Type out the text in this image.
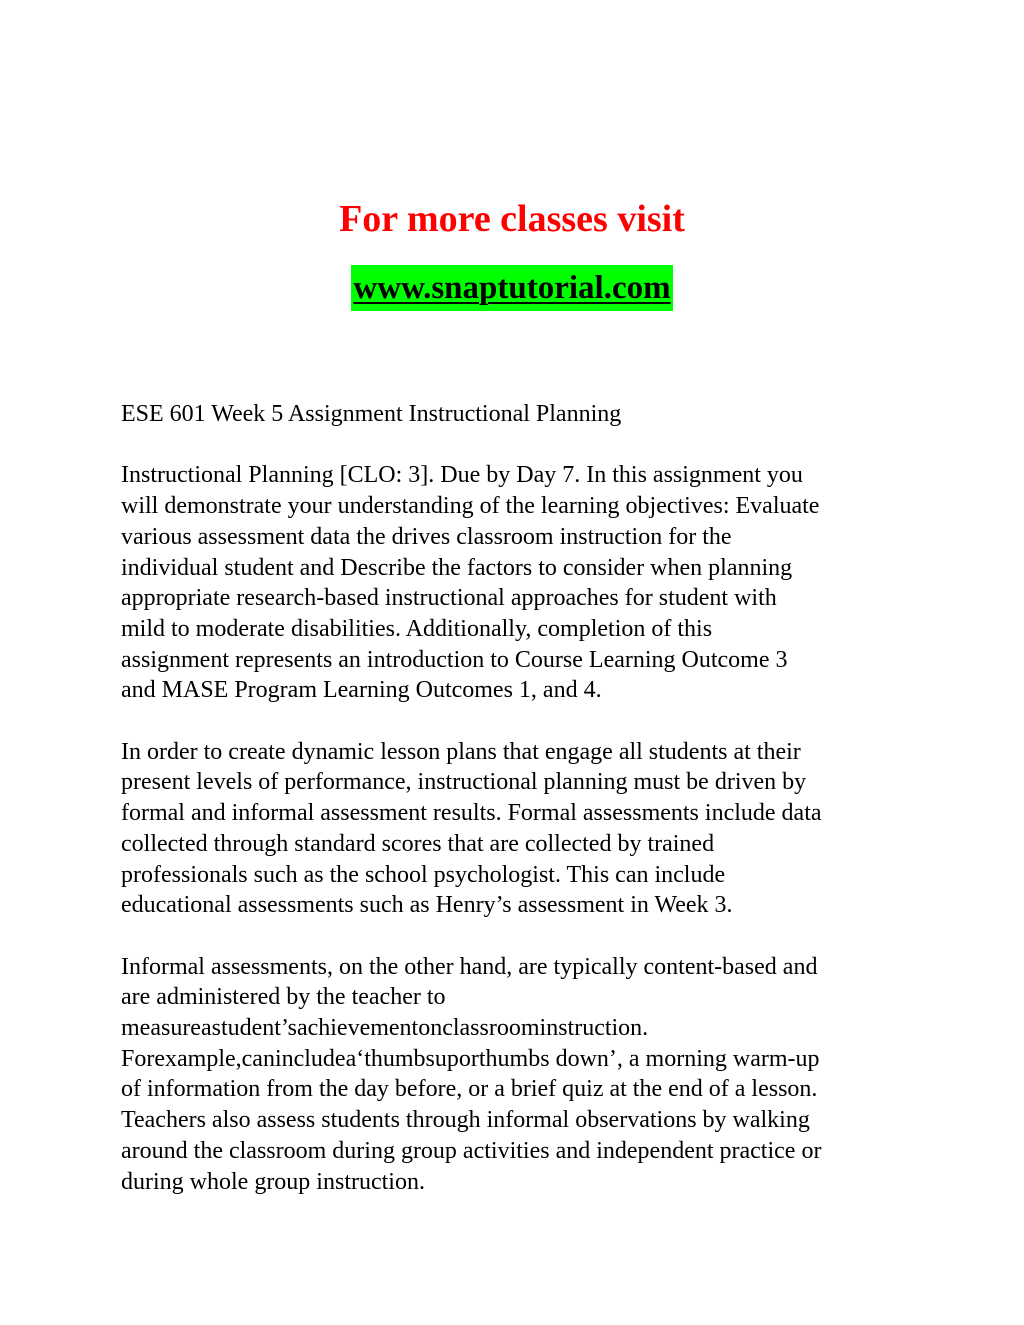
For more classes visit
www.snaptutorial.com

ESE 601 Week 5 Assignment Instructional Planning

Instructional Planning [CLO: 3]. Due by Day 7. In this assignment you
will demonstrate your understanding of the learning objectives: Evaluate
various assessment data the drives classroom instruction for the
individual student and Describe the factors to consider when planning
appropriate research-based instructional approaches for student with
mild to moderate disabilities. Additionally, completion of this
assignment represents an introduction to Course Learning Outcome 3
and MASE Program Learning Outcomes 1, and 4.

In order to create dynamic lesson plans that engage all students at their
present levels of performance, instructional planning must be driven by
formal and informal assessment results. Formal assessments include data
collected through standard scores that are collected by trained
professionals such as the school psychologist. This can include
educational assessments such as Henry’s assessment in Week 3.

Informal assessments, on the other hand, are typically content-based and
are administered by the teacher to
measureastudent’sachievementonclassroominstruction.
Forexample,canincludea‘thumbsuporthumbs down’, a morning warm-up
of information from the day before, or a brief quiz at the end of a lesson.
Teachers also assess students through informal observations by walking
around the classroom during group activities and independent practice or
during whole group instruction.
